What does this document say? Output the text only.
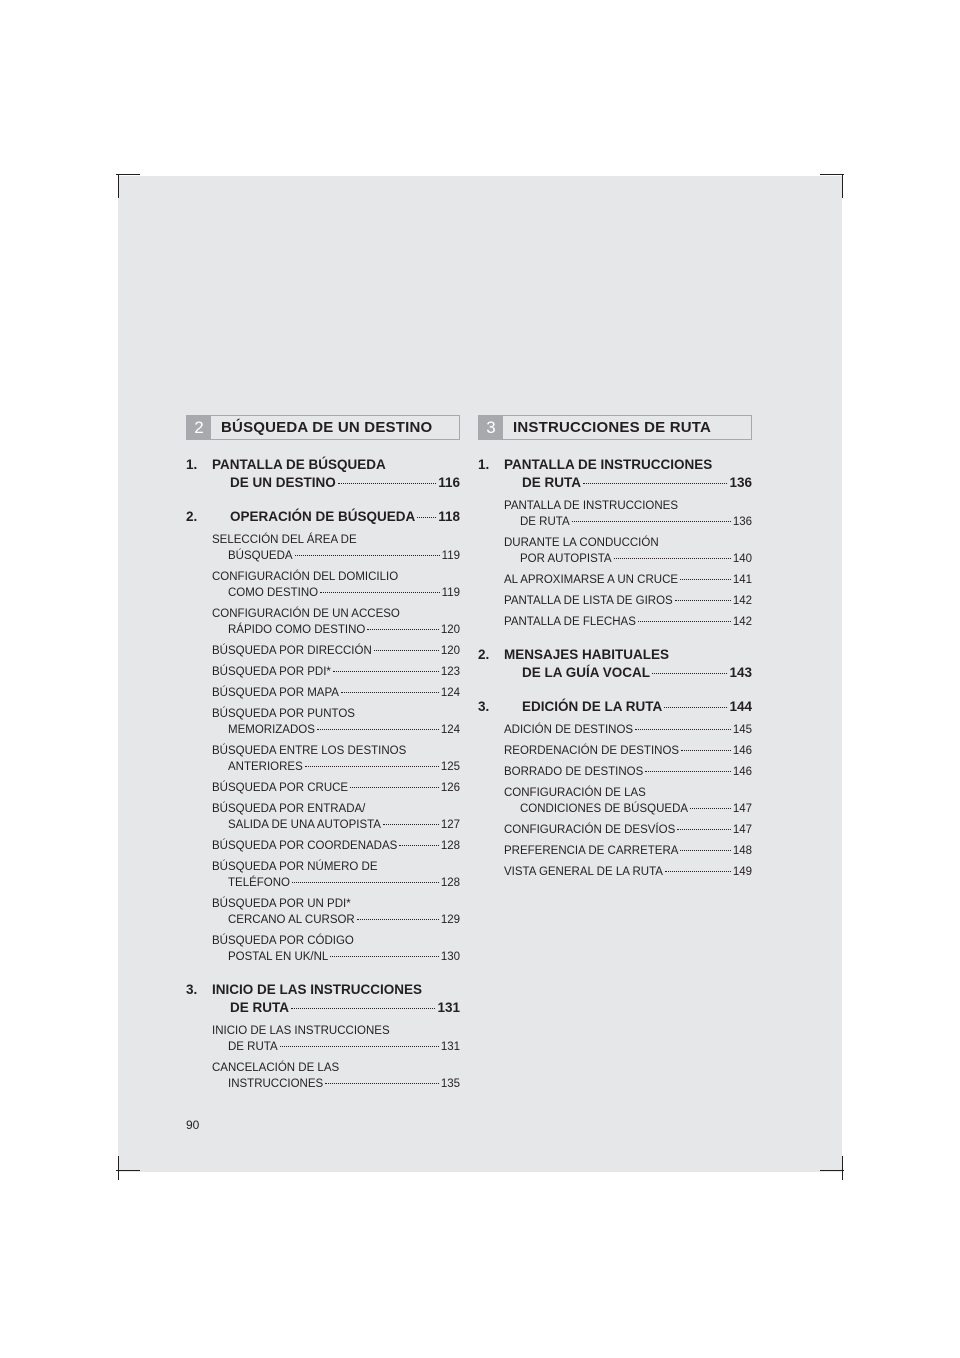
2	BÚSQUEDA DE UN DESTINO
1.	PANTALLA DE BÚSQUEDA
DE UN DESTINO	116
2. OPERACIÓN DE BÚSQUEDA 118
SELECCIÓN DEL ÁREA DE
BÚSQUEDA	119
CONFIGURACIÓN DEL DOMICILIO
COMO DESTINO	119
CONFIGURACIÓN DE UN ACCESO
RÁPIDO COMO DESTINO	120
BÚSQUEDA POR DIRECCIÓN	120
BÚSQUEDA POR PDI*	123
BÚSQUEDA POR MAPA	124
BÚSQUEDA POR PUNTOS
MEMORIZADOS	124
BÚSQUEDA ENTRE LOS DESTINOS
ANTERIORES	125
BÚSQUEDA POR CRUCE	126
BÚSQUEDA POR ENTRADA/
SALIDA DE UNA AUTOPISTA	127
BÚSQUEDA POR COORDENADAS	128
BÚSQUEDA POR NÚMERO DE
TELÉFONO	128
BÚSQUEDA POR UN PDI*
CERCANO AL CURSOR	129
BÚSQUEDA POR CÓDIGO
POSTAL EN UK/NL	130
3.	INICIO DE LAS INSTRUCCIONES
DE RUTA	131
INICIO DE LAS INSTRUCCIONES
DE RUTA	131
CANCELACIÓN DE LAS
INSTRUCCIONES	135
3	INSTRUCCIONES DE RUTA
1.	PANTALLA DE INSTRUCCIONES
DE RUTA	136
PANTALLA DE INSTRUCCIONES
DE RUTA	136
DURANTE LA CONDUCCIÓN
POR AUTOPISTA	140
AL APROXIMARSE A UN CRUCE	141
PANTALLA DE LISTA DE GIROS	142
PANTALLA DE FLECHAS	142
2.	MENSAJES HABITUALES
DE LA GUÍA VOCAL	143
3. EDICIÓN DE LA RUTA	144
ADICIÓN DE DESTINOS	145
REORDENACIÓN DE DESTINOS	146
BORRADO DE DESTINOS	146
CONFIGURACIÓN DE LAS
CONDICIONES DE BÚSQUEDA	147
CONFIGURACIÓN DE DESVÍOS	147
PREFERENCIA DE CARRETERA	148
VISTA GENERAL DE LA RUTA	149
90
